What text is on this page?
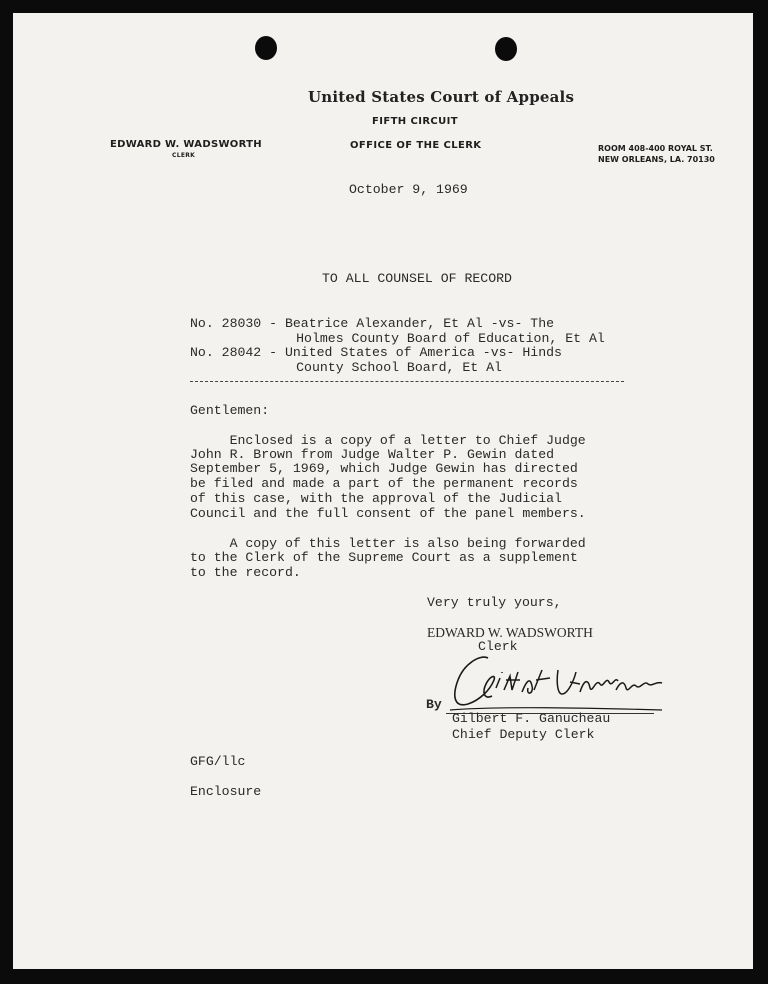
United States Court of Appeals
FIFTH CIRCUIT
OFFICE OF THE CLERK
EDWARD W. WADSWORTH
CLERK
ROOM 408-400 ROYAL ST.
NEW ORLEANS, LA. 70130
October 9, 1969
TO ALL COUNSEL OF RECORD
No. 28030 - Beatrice Alexander, Et Al -vs- The
Holmes County Board of Education, Et Al
No. 28042 - United States of America -vs- Hinds
County School Board, Et Al
Gentlemen:
Enclosed is a copy of a letter to Chief Judge
John R. Brown from Judge Walter P. Gewin dated
September 5, 1969, which Judge Gewin has directed
be filed and made a part of the permanent records
of this case, with the approval of the Judicial
Council and the full consent of the panel members.
A copy of this letter is also being forwarded
to the Clerk of the Supreme Court as a supplement
to the record.
Very truly yours,
EDWARD W. WADSWORTH
Clerk
By
Gilbert F. Ganucheau
Chief Deputy Clerk
GFG/llc
Enclosure
